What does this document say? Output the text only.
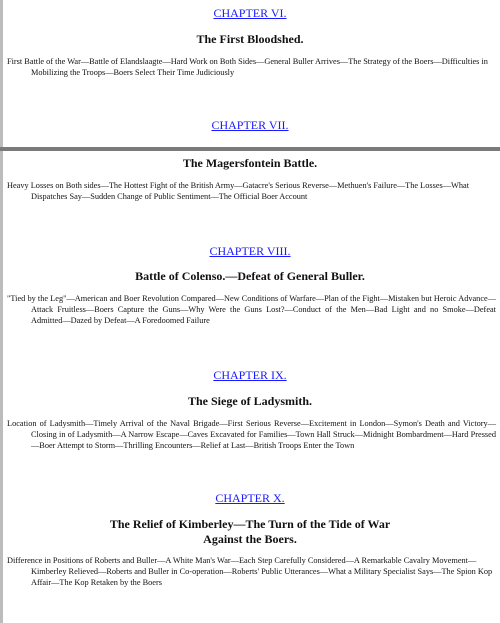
CHAPTER VI.

The First Bloodshed.

First Battle of the War—Battle of Elandslaagte—Hard Work on Both Sides—General Buller Arrives—The Strategy of the Boers—Difficulties in Mobilizing the Troops—Boers Select Their Time Judiciously

CHAPTER VII.

The Magersfontein Battle.

Heavy Losses on Both sides—The Hottest Fight of the British Army—Gatacre's Serious Reverse—Methuen's Failure—The Losses—What Dispatches Say—Sudden Change of Public Sentiment—The Official Boer Account

CHAPTER VIII.

Battle of Colenso.—Defeat of General Buller.

"Tied by the Leg"—American and Boer Revolution Compared—New Conditions of Warfare—Plan of the Fight—Mistaken but Heroic Advance—Attack Fruitless—Boers Capture the Guns—Why Were the Guns Lost?—Conduct of the Men—Bad Light and no Smoke—Defeat Admitted—Dazed by Defeat—A Foredoomed Failure

CHAPTER IX.

The Siege of Ladysmith.

Location of Ladysmith—Timely Arrival of the Naval Brigade—First Serious Reverse—Excitement in London—Symon's Death and Victory—Closing in of Ladysmith—A Narrow Escape—Caves Excavated for Families—Town Hall Struck—Midnight Bombardment—Hard Pressed—Boer Attempt to Storm—Thrilling Encounters—Relief at Last—British Troops Enter the Town

CHAPTER X.

The Relief of Kimberley—The Turn of the Tide of War

Against the Boers.

Difference in Positions of Roberts and Buller—A White Man's War—Each Step Carefully Considered—A Remarkable Cavalry Movement—Kimberley Relieved—Roberts and Buller in Co-operation—Roberts' Public Utterances—What a Military Specialist Says—The Spion Kop Affair—The Kop Retaken by the Boers
